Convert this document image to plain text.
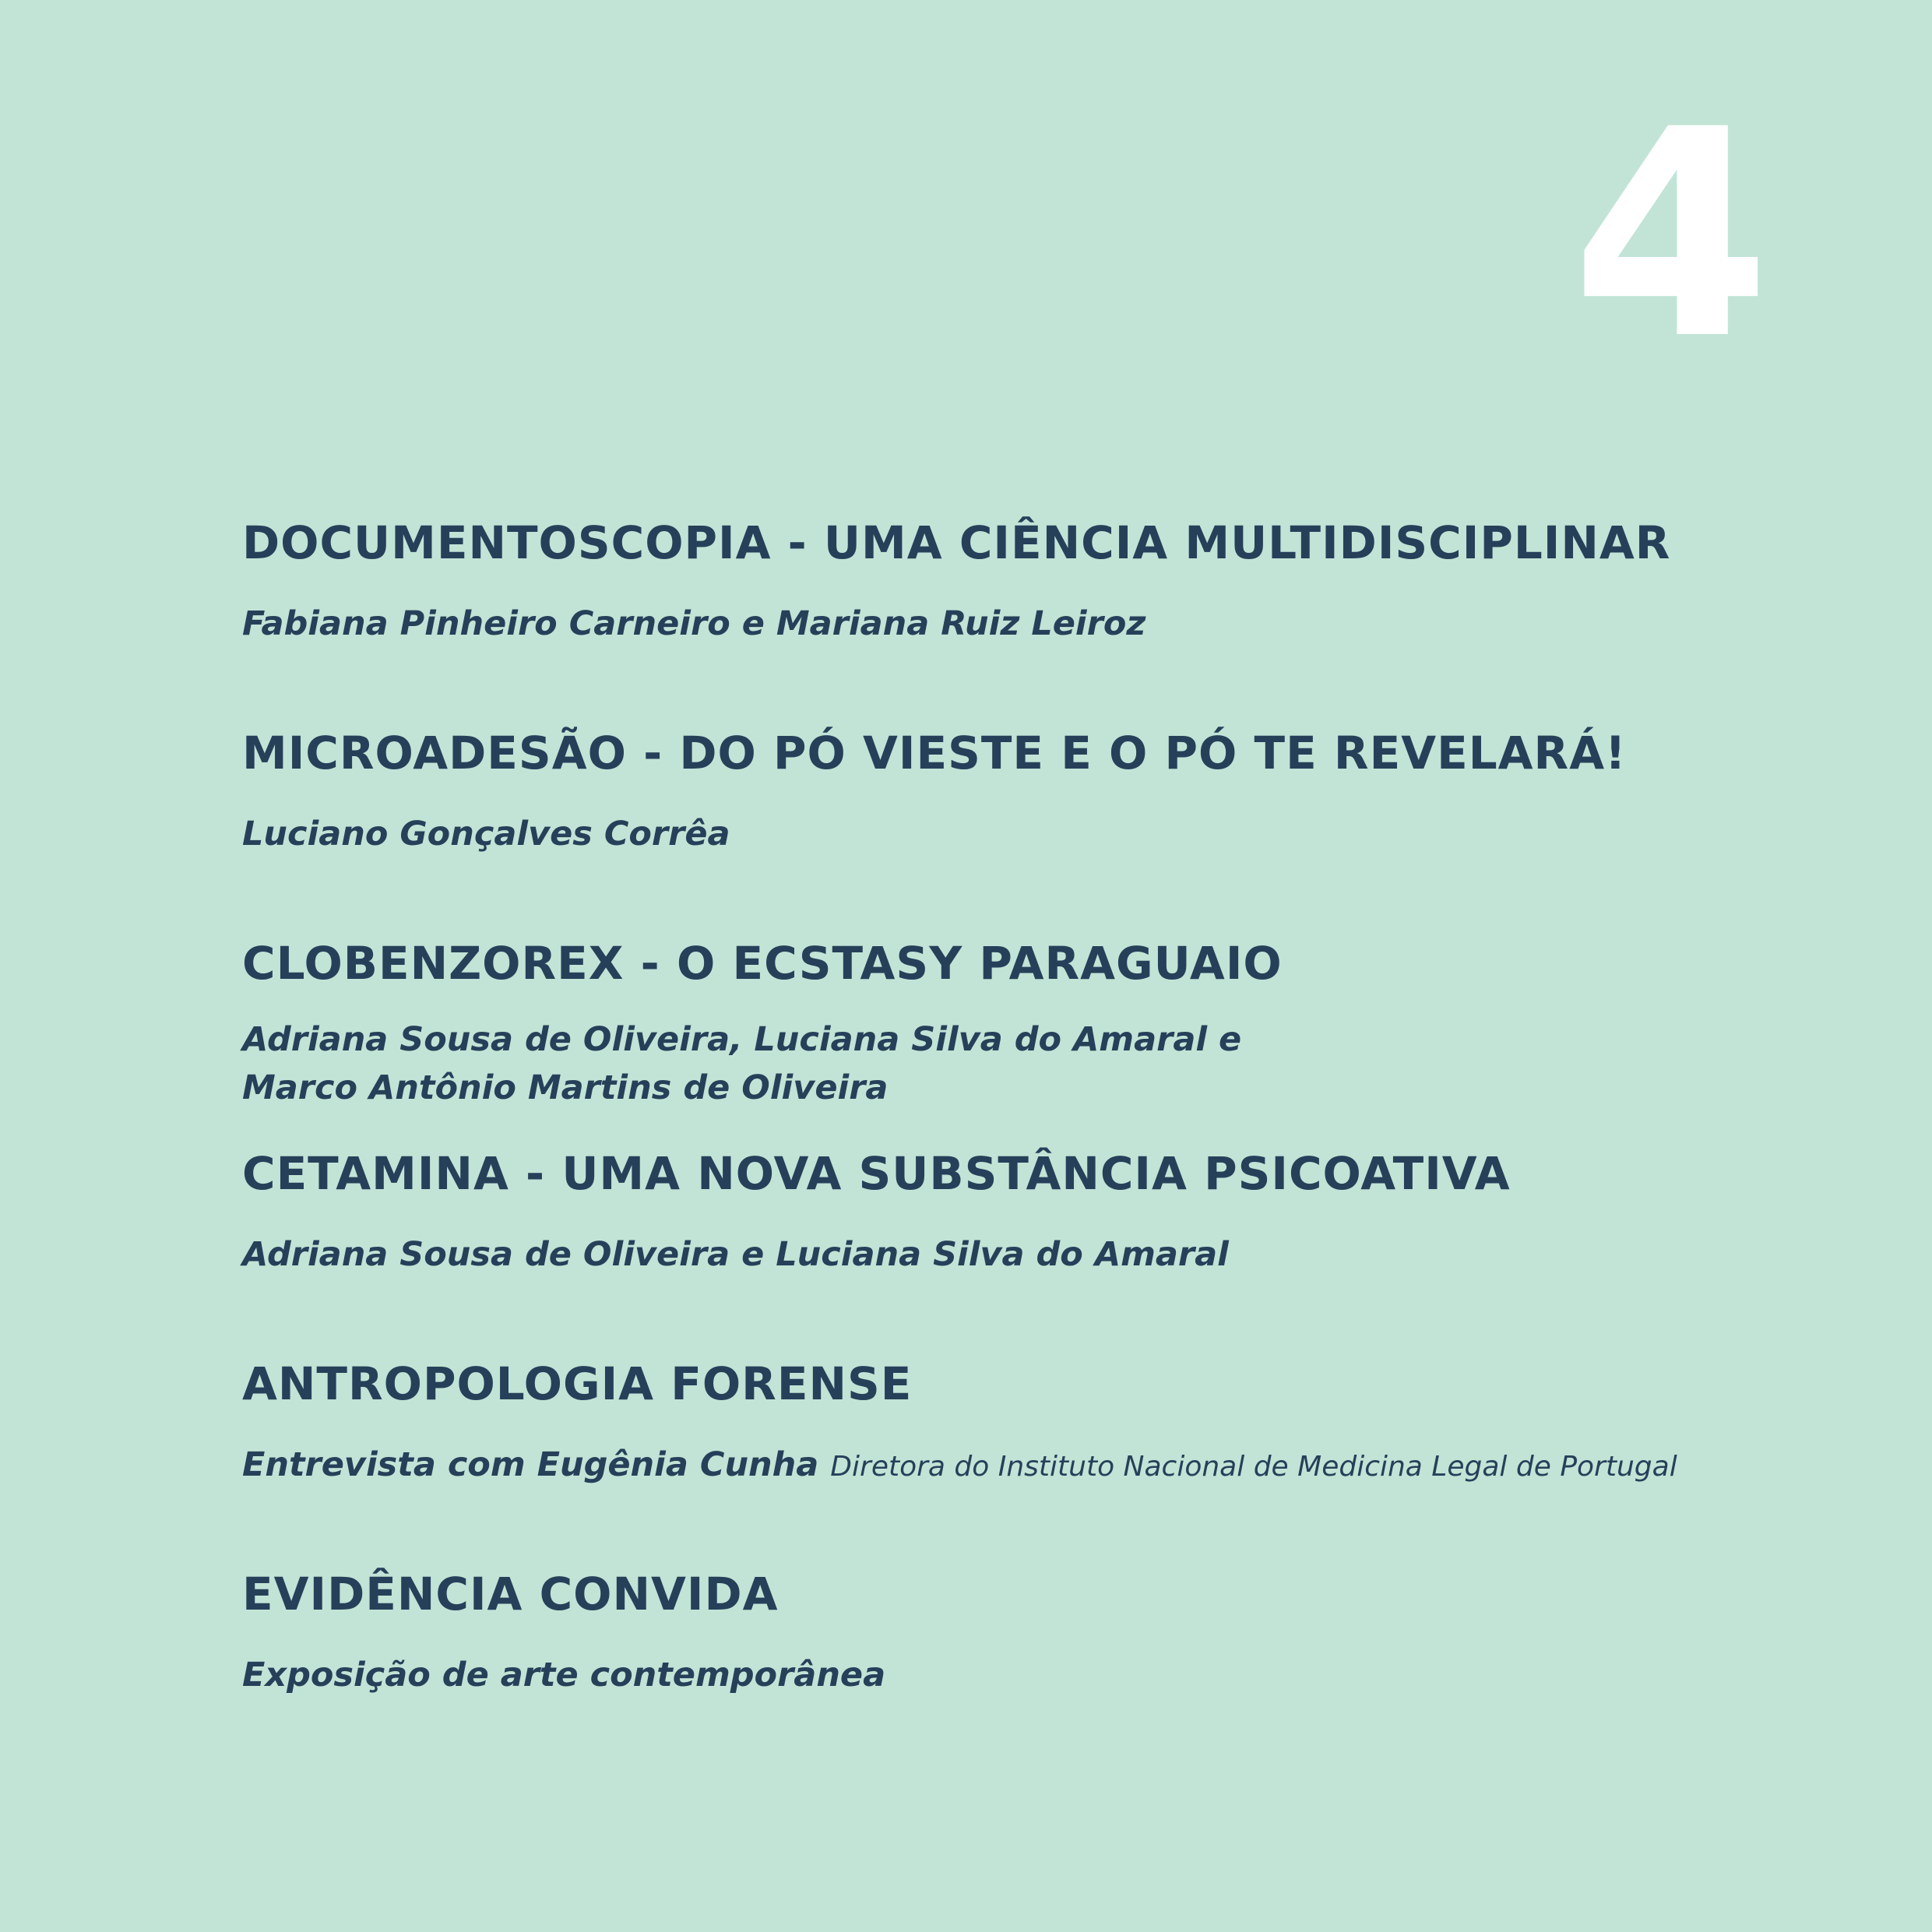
4
DOCUMENTOSCOPIA - UMA CIÊNCIA MULTIDISCIPLINAR
Fabiana Pinheiro Carneiro e Mariana Ruiz Leiroz
MICROADESÃO - DO PÓ VIESTE E O PÓ TE REVELARÁ!
Luciano Gonçalves Corrêa
CLOBENZOREX - O ECSTASY PARAGUAIO
Adriana Sousa de Oliveira, Luciana Silva do Amaral e
Marco Antônio Martins de Oliveira
CETAMINA - UMA NOVA SUBSTÂNCIA PSICOATIVA
Adriana Sousa de Oliveira e Luciana Silva do Amaral
ANTROPOLOGIA FORENSE
Entrevista com Eugênia Cunha Diretora do Instituto Nacional de Medicina Legal de Portugal
EVIDÊNCIA CONVIDA
Exposição de arte contemporânea
